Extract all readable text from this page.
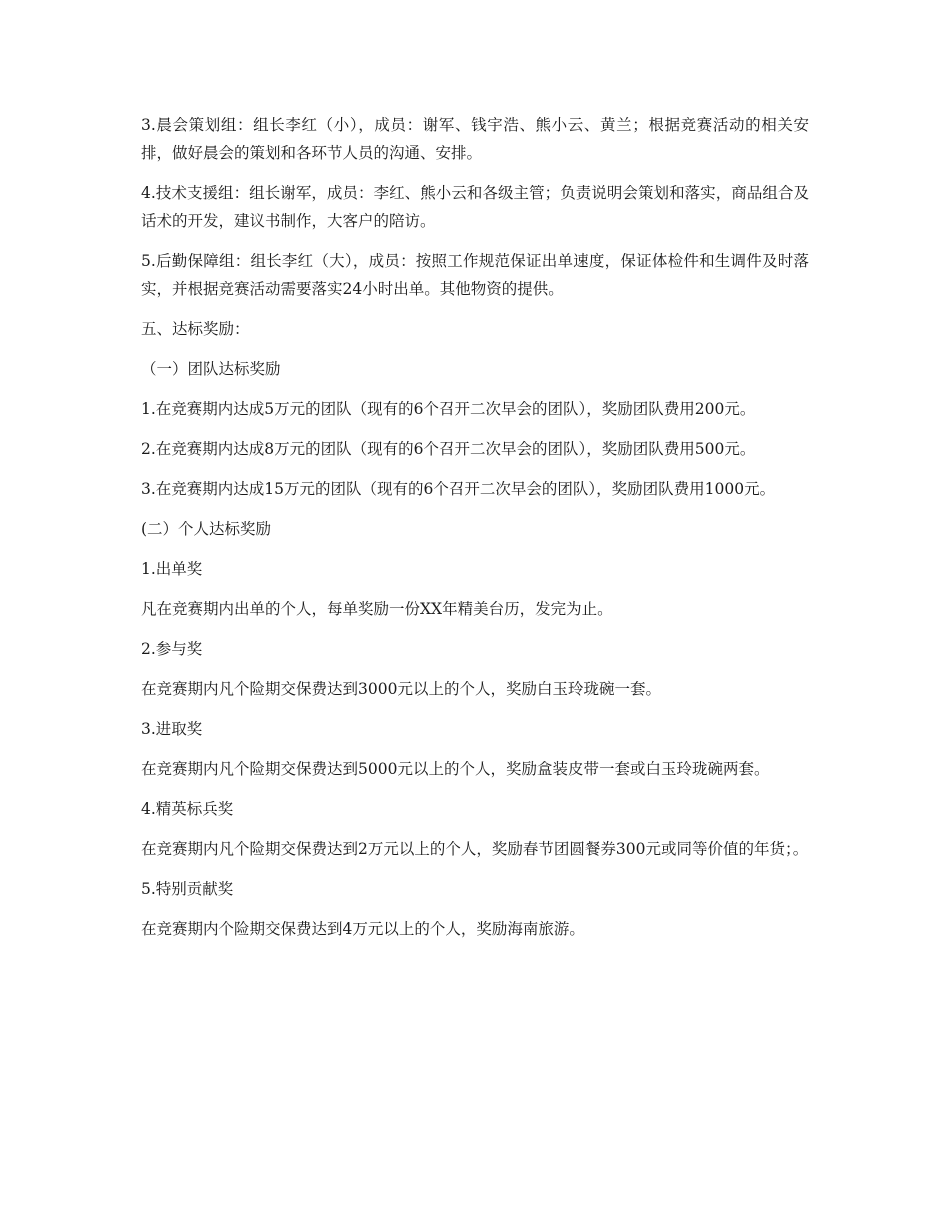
3.晨会策划组：组长李红（小），成员：谢军、钱宇浩、熊小云、黄兰；根据竞赛活动的相关安排，做好晨会的策划和各环节人员的沟通、安排。

4.技术支援组：组长谢军，成员：李红、熊小云和各级主管；负责说明会策划和落实，商品组合及话术的开发，建议书制作，大客户的陪访。

5.后勤保障组：组长李红（大），成员：按照工作规范保证出单速度，保证体检件和生调件及时落实，并根据竞赛活动需要落实24小时出单。其他物资的提供。

五、达标奖励：

（一）团队达标奖励

1.在竞赛期内达成5万元的团队（现有的6个召开二次早会的团队），奖励团队费用200元。

2.在竞赛期内达成8万元的团队（现有的6个召开二次早会的团队），奖励团队费用500元。

3.在竞赛期内达成15万元的团队（现有的6个召开二次早会的团队），奖励团队费用1000元。

(二）个人达标奖励

1.出单奖

凡在竞赛期内出单的个人，每单奖励一份XX年精美台历，发完为止。

2.参与奖

在竞赛期内凡个险期交保费达到3000元以上的个人，奖励白玉玲珑碗一套。

3.进取奖

在竞赛期内凡个险期交保费达到5000元以上的个人，奖励盒装皮带一套或白玉玲珑碗两套。

4.精英标兵奖

在竞赛期内凡个险期交保费达到2万元以上的个人，奖励春节团圆餐券300元或同等价值的年货；。

5.特别贡献奖

在竞赛期内个险期交保费达到4万元以上的个人，奖励海南旅游。
